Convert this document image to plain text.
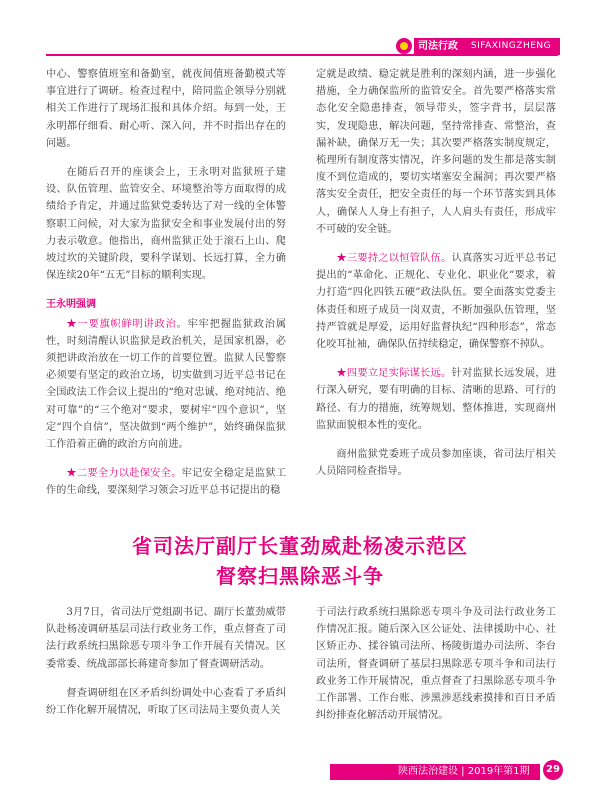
司法行政	SIFAXINGZHENG

中心、警察值班室和备勤室，就夜间值班备勤模式等事宜进行了调研。检查过程中，陪同监企领导分别就相关工作进行了现场汇报和具体介绍。每到一处，王永明都仔细看、耐心听、深入问，并不时指出存在的问题。

在随后召开的座谈会上，王永明对监狱班子建设、队伍管理、监管安全、环境整治等方面取得的成绩给予肯定，并通过监狱党委转达了对一线的全体警察职工问候，对大家为监狱安全和事业发展付出的努力表示敬意。他指出，商州监狱正处于滚石上山、爬坡过坎的关键阶段，要科学谋划、长远打算，全力确保连续20年“五无”目标的顺利实现。

王永明强调

★一要旗帜鲜明讲政治。牢牢把握监狱政治属性，时刻清醒认识监狱是政治机关，是国家机器，必须把讲政治放在一切工作的首要位置。监狱人民警察必须要有坚定的政治立场，切实做到习近平总书记在全国政法工作会议上提出的“绝对忠诚、绝对纯洁、绝对可靠”的“三个绝对”要求，要树牢“四个意识”，坚定“四个自信”，坚决做到“两个维护”，始终确保监狱工作沿着正确的政治方向前进。

★二要全力以赴保安全。牢记安全稳定是监狱工作的生命线，要深刻学习领会习近平总书记提出的稳

定就是政绩、稳定就是胜利的深刻内涵，进一步强化措施，全力确保监所的监管安全。首先要严格落实常态化安全隐患排查，领导带头，签字背书，层层落实，发现隐患，解决问题，坚持常排查、常整治，查漏补缺，确保万无一失；其次要严格落实制度规定，梳理所有制度落实情况，许多问题的发生都是落实制度不到位造成的，要切实堵塞安全漏洞；再次要严格落实安全责任，把安全责任的每一个环节落实到具体人，确保人人身上有担子，人人肩头有责任，形成牢不可破的安全链。

★三要持之以恒管队伍。认真落实习近平总书记提出的“革命化、正规化、专业化、职业化”要求，着力打造“四化四铁五硬”政法队伍。要全面落实党委主体责任和班子成员一岗双责，不断加强队伍管理，坚持严管就是厚爱，运用好监督执纪“四种形态”，常态化咬耳扯袖，确保队伍持续稳定，确保警察不掉队。

★四要立足实际谋长远。针对监狱长远发展，进行深入研究，要有明确的目标、清晰的思路、可行的路径、有力的措施，统筹规划、整体推进，实现商州监狱面貌根本性的变化。

商州监狱党委班子成员参加座谈，省司法厅相关人员陪同检查指导。

省司法厅副厅长董劲威赴杨凌示范区
督察扫黑除恶斗争

3月7日，省司法厅党组副书记、副厅长董劲威带队赴杨凌调研基层司法行政业务工作，重点督查了司法行政系统扫黑除恶专项斗争工作开展有关情况。区委常委、统战部部长蒋建奇参加了督查调研活动。

督查调研组在区矛盾纠纷调处中心查看了矛盾纠纷工作化解开展情况，听取了区司法局主要负责人关

于司法行政系统扫黑除恶专项斗争及司法行政业务工作情况汇报。随后深入区公证处、法律援助中心、社区矫正办、揉谷镇司法所、杨陵街道办司法所、李台司法所，督查调研了基层扫黑除恶专项斗争和司法行政业务工作开展情况，重点督查了扫黑除恶专项斗争工作部署、工作台账、涉黑涉恶线索摸排和百日矛盾纠纷排查化解活动开展情况。

陕西法治建设 | 2019年第1期	29
